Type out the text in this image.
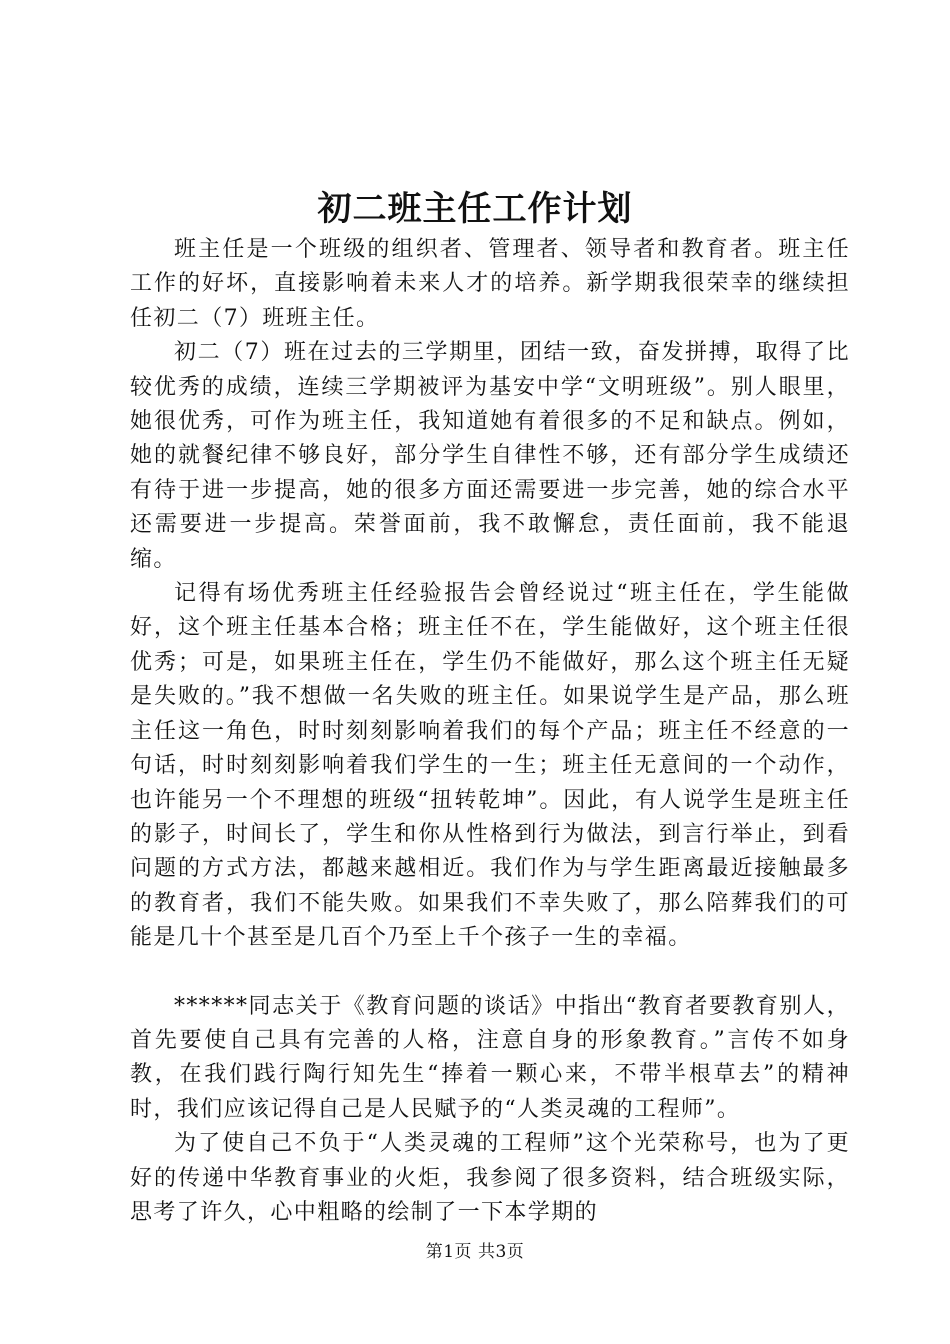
初二班主任工作计划

班主任是一个班级的组织者、管理者、领导者和教育者。班主任工作的好坏，直接影响着未来人才的培养。新学期我很荣幸的继续担任初二（7）班班主任。

初二（7）班在过去的三学期里，团结一致，奋发拼搏，取得了比较优秀的成绩，连续三学期被评为基安中学“文明班级”。别人眼里，她很优秀，可作为班主任，我知道她有着很多的不足和缺点。例如，她的就餐纪律不够良好，部分学生自律性不够，还有部分学生成绩还有待于进一步提高，她的很多方面还需要进一步完善，她的综合水平还需要进一步提高。荣誉面前，我不敢懈怠，责任面前，我不能退缩。

记得有场优秀班主任经验报告会曾经说过“班主任在，学生能做好，这个班主任基本合格；班主任不在，学生能做好，这个班主任很优秀；可是，如果班主任在，学生仍不能做好，那么这个班主任无疑是失败的。”我不想做一名失败的班主任。如果说学生是产品，那么班主任这一角色，时时刻刻影响着我们的每个产品；班主任不经意的一句话，时时刻刻影响着我们学生的一生；班主任无意间的一个动作，也许能另一个不理想的班级“扭转乾坤”。因此，有人说学生是班主任的影子，时间长了，学生和你从性格到行为做法，到言行举止，到看问题的方式方法，都越来越相近。我们作为与学生距离最近接触最多的教育者，我们不能失败。如果我们不幸失败了，那么陪葬我们的可能是几十个甚至是几百个乃至上千个孩子一生的幸福。

******同志关于《教育问题的谈话》中指出“教育者要教育别人，首先要使自己具有完善的人格，注意自身的形象教育。”言传不如身教，在我们践行陶行知先生“捧着一颗心来，不带半根草去”的精神时，我们应该记得自己是人民赋予的“人类灵魂的工程师”。

为了使自己不负于“人类灵魂的工程师”这个光荣称号，也为了更好的传递中华教育事业的火炬，我参阅了很多资料，结合班级实际，思考了许久，心中粗略的绘制了一下本学期的

第1页 共3页
